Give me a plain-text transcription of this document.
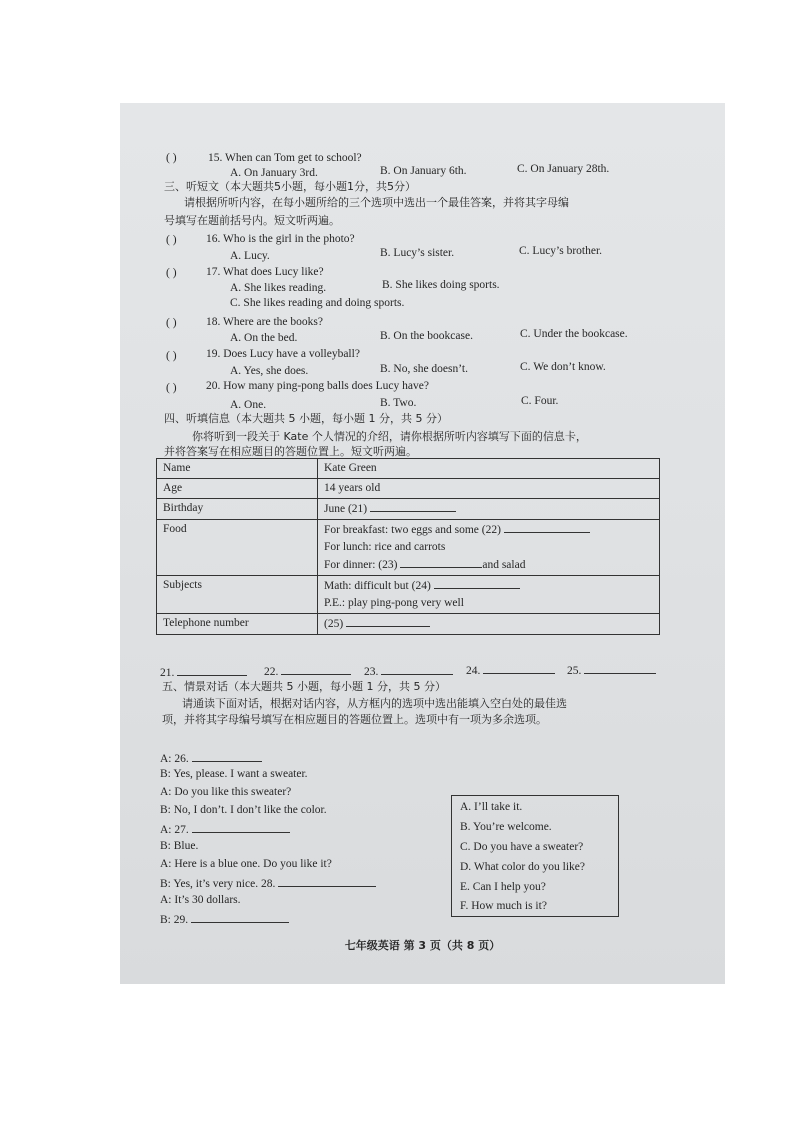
( )	15. When can Tom get to school?
A. On January 3rd.	B. On January 6th.	C. On January 28th.
三、听短文（本大题共5小题，每小题1分，共5分）
请根据所听内容，在每小题所给的三个选项中选出一个最佳答案，并将其字母编
号填写在题前括号内。短文听两遍。
( )	16. Who is the girl in the photo?
A. Lucy.	B. Lucy’s sister.	C. Lucy’s brother.
( )	17. What does Lucy like?
A. She likes reading.	B. She likes doing sports.
C. She likes reading and doing sports.
( )	18. Where are the books?
A. On the bed.	B. On the bookcase.	C. Under the bookcase.
( )	19. Does Lucy have a volleyball?
A. Yes, she does.	B. No, she doesn’t.	C. We don’t know.
( )	20. How many ping-pong balls does Lucy have?
A. One.	B. Two.	C. Four.
四、听填信息（本大题共 5 小题，每小题 1 分，共 5 分）
你将听到一段关于 Kate 个人情况的介绍，请你根据所听内容填写下面的信息卡，
并将答案写在相应题目的答题位置上。短文听两遍。
Name	Kate Green
Age	14 years old
Birthday	June (21)
Food	For breakfast: two eggs and some (22)
For lunch: rice and carrots
For dinner: (23) and salad

Subjects	Math: difficult but (24)
P.E.: play ping-pong very well

Telephone number	(25)
21.	22.	23.	24.	25.
五、情景对话（本大题共 5 小题，每小题 1 分，共 5 分）
请通读下面对话，根据对话内容，从方框内的选项中选出能填入空白处的最佳选
项，并将其字母编号填写在相应题目的答题位置上。选项中有一项为多余选项。
A: 26.
B: Yes, please. I want a sweater.
A: Do you like this sweater?
B: No, I don’t. I don’t like the color.
A: 27.
B: Blue.
A: Here is a blue one. Do you like it?
B: Yes, it’s very nice. 28.
A: It’s 30 dollars.
B: 29.
A. I’ll take it.
B. You’re welcome.
C. Do you have a sweater?
D. What color do you like?
E. Can I help you?
F. How much is it?
七年级英语 第 3 页（共 8 页）
